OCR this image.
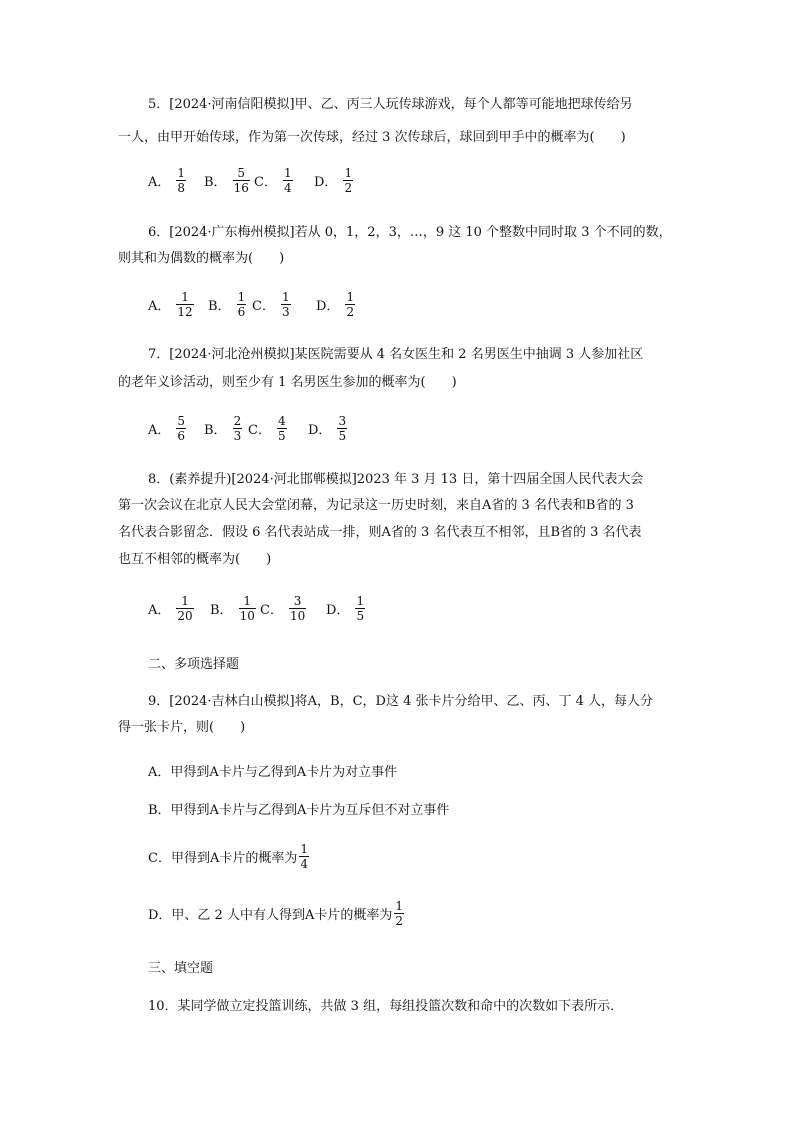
5．[2024·河南信阳模拟]甲、乙、丙三人玩传球游戏，每个人都等可能地把球传给另
一人，由甲开始传球，作为第一次传球，经过 3 次传球后，球回到甲手中的概率为(　　)
A． $\frac{1}{8}$ B． $\frac{5}{16}$ C． $\frac{1}{4}$ D． $\frac{1}{2}$
6．[2024·广东梅州模拟]若从 0，1，2，3，…，9 这 10 个整数中同时取 3 个不同的数，
则其和为偶数的概率为(　　)
A． $\frac{1}{12}$ B． $\frac{1}{6}$ C． $\frac{1}{3}$ D． $\frac{1}{2}$
7．[2024·河北沧州模拟]某医院需要从 4 名女医生和 2 名男医生中抽调 3 人参加社区
的老年义诊活动，则至少有 1 名男医生参加的概率为(　　)
A． $\frac{5}{6}$ B． $\frac{2}{3}$ C． $\frac{4}{5}$ D． $\frac{3}{5}$
8．(素养提升)[2024·河北邯郸模拟]2023 年 3 月 13 日，第十四届全国人民代表大会
第一次会议在北京人民大会堂闭幕，为记录这一历史时刻，来自A省的 3 名代表和B省的 3
名代表合影留念．假设 6 名代表站成一排，则A省的 3 名代表互不相邻，且B省的 3 名代表
也互不相邻的概率为(　　)
A． $\frac{1}{20}$ B． $\frac{1}{10}$ C． $\frac{3}{10}$ D． $\frac{1}{5}$
二、多项选择题
9．[2024·吉林白山模拟]将A，B，C，D这 4 张卡片分给甲、乙、丙、丁 4 人，每人分
得一张卡片，则(　　)
A．甲得到A卡片与乙得到A卡片为对立事件
B．甲得到A卡片与乙得到A卡片为互斥但不对立事件
C．甲得到A卡片的概率为 $\frac{1}{4}$
D．甲、乙 2 人中有人得到A卡片的概率为 $\frac{1}{2}$
三、填空题
10．某同学做立定投篮训练，共做 3 组，每组投篮次数和命中的次数如下表所示．
